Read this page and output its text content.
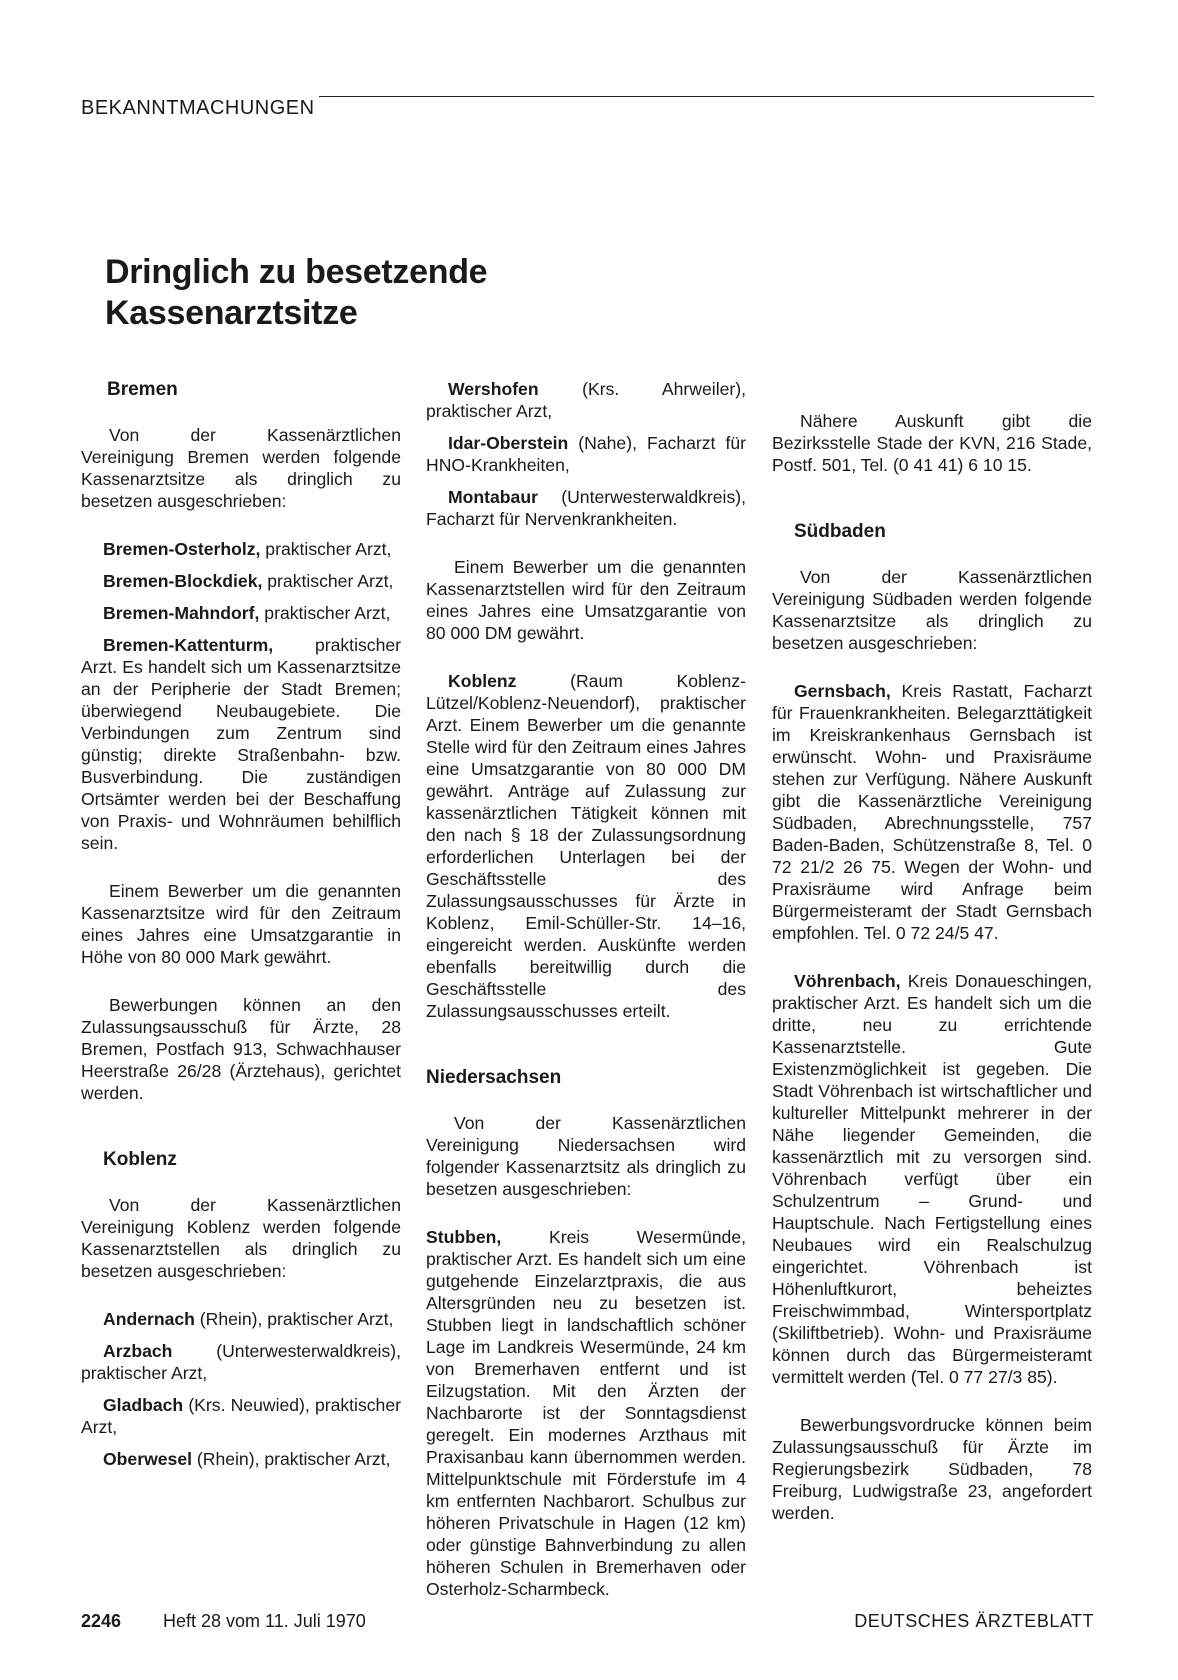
BEKANNTMACHUNGEN
Dringlich zu besetzende
Kassenarztsitze
Bremen

Von der Kassenärztlichen Vereinigung Bremen werden folgende Kassenarztsitze als dringlich zu besetzen ausgeschrieben:

Bremen-Osterholz, praktischer Arzt,

Bremen-Blockdiek, praktischer Arzt,

Bremen-Mahndorf, praktischer Arzt,

Bremen-Kattenturm, praktischer Arzt. Es handelt sich um Kassenarztsitze an der Peripherie der Stadt Bremen; überwiegend Neubaugebiete. Die Verbindungen zum Zentrum sind günstig; direkte Straßenbahn- bzw. Busverbindung. Die zuständigen Ortsämter werden bei der Beschaffung von Praxis- und Wohnräumen behilflich sein.

Einem Bewerber um die genannten Kassenarztsitze wird für den Zeitraum eines Jahres eine Umsatzgarantie in Höhe von 80 000 Mark gewährt.

Bewerbungen können an den Zulassungsausschuß für Ärzte, 28 Bremen, Postfach 913, Schwachhauser Heerstraße 26/28 (Ärztehaus), gerichtet werden.

Koblenz

Von der Kassenärztlichen Vereinigung Koblenz werden folgende Kassenarztstellen als dringlich zu besetzen ausgeschrieben:

Andernach (Rhein), praktischer Arzt,

Arzbach (Unterwesterwaldkreis), praktischer Arzt,

Gladbach (Krs. Neuwied), praktischer Arzt,

Oberwesel (Rhein), praktischer Arzt,

Wershofen (Krs. Ahrweiler), praktischer Arzt,

Idar-Oberstein (Nahe), Facharzt für HNO-Krankheiten,

Montabaur (Unterwesterwaldkreis), Facharzt für Nervenkrankheiten.

Einem Bewerber um die genannten Kassenarztstellen wird für den Zeitraum eines Jahres eine Umsatzgarantie von 80 000 DM gewährt.

Koblenz (Raum Koblenz-Lützel/Koblenz-Neuendorf), praktischer Arzt. Einem Bewerber um die genannte Stelle wird für den Zeitraum eines Jahres eine Umsatzgarantie von 80 000 DM gewährt. Anträge auf Zulassung zur kassenärztlichen Tätigkeit können mit den nach § 18 der Zulassungsordnung erforderlichen Unterlagen bei der Geschäftsstelle des Zulassungsausschusses für Ärzte in Koblenz, Emil-Schüller-Str. 14–16, eingereicht werden. Auskünfte werden ebenfalls bereitwillig durch die Geschäftsstelle des Zulassungsausschusses erteilt.

Niedersachsen

Von der Kassenärztlichen Vereinigung Niedersachsen wird folgender Kassenarztsitz als dringlich zu besetzen ausgeschrieben:

Stubben, Kreis Wesermünde, praktischer Arzt. Es handelt sich um eine gutgehende Einzelarztpraxis, die aus Altersgründen neu zu besetzen ist. Stubben liegt in landschaftlich schöner Lage im Landkreis Wesermünde, 24 km von Bremerhaven entfernt und ist Eilzugstation. Mit den Ärzten der Nachbarorte ist der Sonntagsdienst geregelt. Ein modernes Arzthaus mit Praxisanbau kann übernommen werden. Mittelpunktschule mit Förderstufe im 4 km entfernten Nachbarort. Schulbus zur höheren Privatschule in Hagen (12 km) oder günstige Bahnverbindung zu allen höheren Schulen in Bremerhaven oder Osterholz-Scharmbeck.

Nähere Auskunft gibt die Bezirksstelle Stade der KVN, 216 Stade, Postf. 501, Tel. (0 41 41) 6 10 15.

Südbaden

Von der Kassenärztlichen Vereinigung Südbaden werden folgende Kassenarztsitze als dringlich zu besetzen ausgeschrieben:

Gernsbach, Kreis Rastatt, Facharzt für Frauenkrankheiten. Belegarzttätigkeit im Kreiskrankenhaus Gernsbach ist erwünscht. Wohn- und Praxisräume stehen zur Verfügung. Nähere Auskunft gibt die Kassenärztliche Vereinigung Südbaden, Abrechnungsstelle, 757 Baden-Baden, Schützenstraße 8, Tel. 0 72 21/2 26 75. Wegen der Wohn- und Praxisräume wird Anfrage beim Bürgermeisteramt der Stadt Gernsbach empfohlen. Tel. 0 72 24/5 47.

Vöhrenbach, Kreis Donaueschingen, praktischer Arzt. Es handelt sich um die dritte, neu zu errichtende Kassenarztstelle. Gute Existenzmöglichkeit ist gegeben. Die Stadt Vöhrenbach ist wirtschaftlicher und kultureller Mittelpunkt mehrerer in der Nähe liegender Gemeinden, die kassenärztlich mit zu versorgen sind. Vöhrenbach verfügt über ein Schulzentrum – Grund- und Hauptschule. Nach Fertigstellung eines Neubaues wird ein Realschulzug eingerichtet. Vöhrenbach ist Höhenluftkurort, beheiztes Freischwimmbad, Wintersportplatz (Skiliftbetrieb). Wohn- und Praxisräume können durch das Bürgermeisteramt vermittelt werden (Tel. 0 77 27/3 85).

Bewerbungsvordrucke können beim Zulassungsausschuß für Ärzte im Regierungsbezirk Südbaden, 78 Freiburg, Ludwigstraße 23, angefordert werden.

2246	Heft 28 vom 11. Juli 1970	DEUTSCHES ÄRZTEBLATT
